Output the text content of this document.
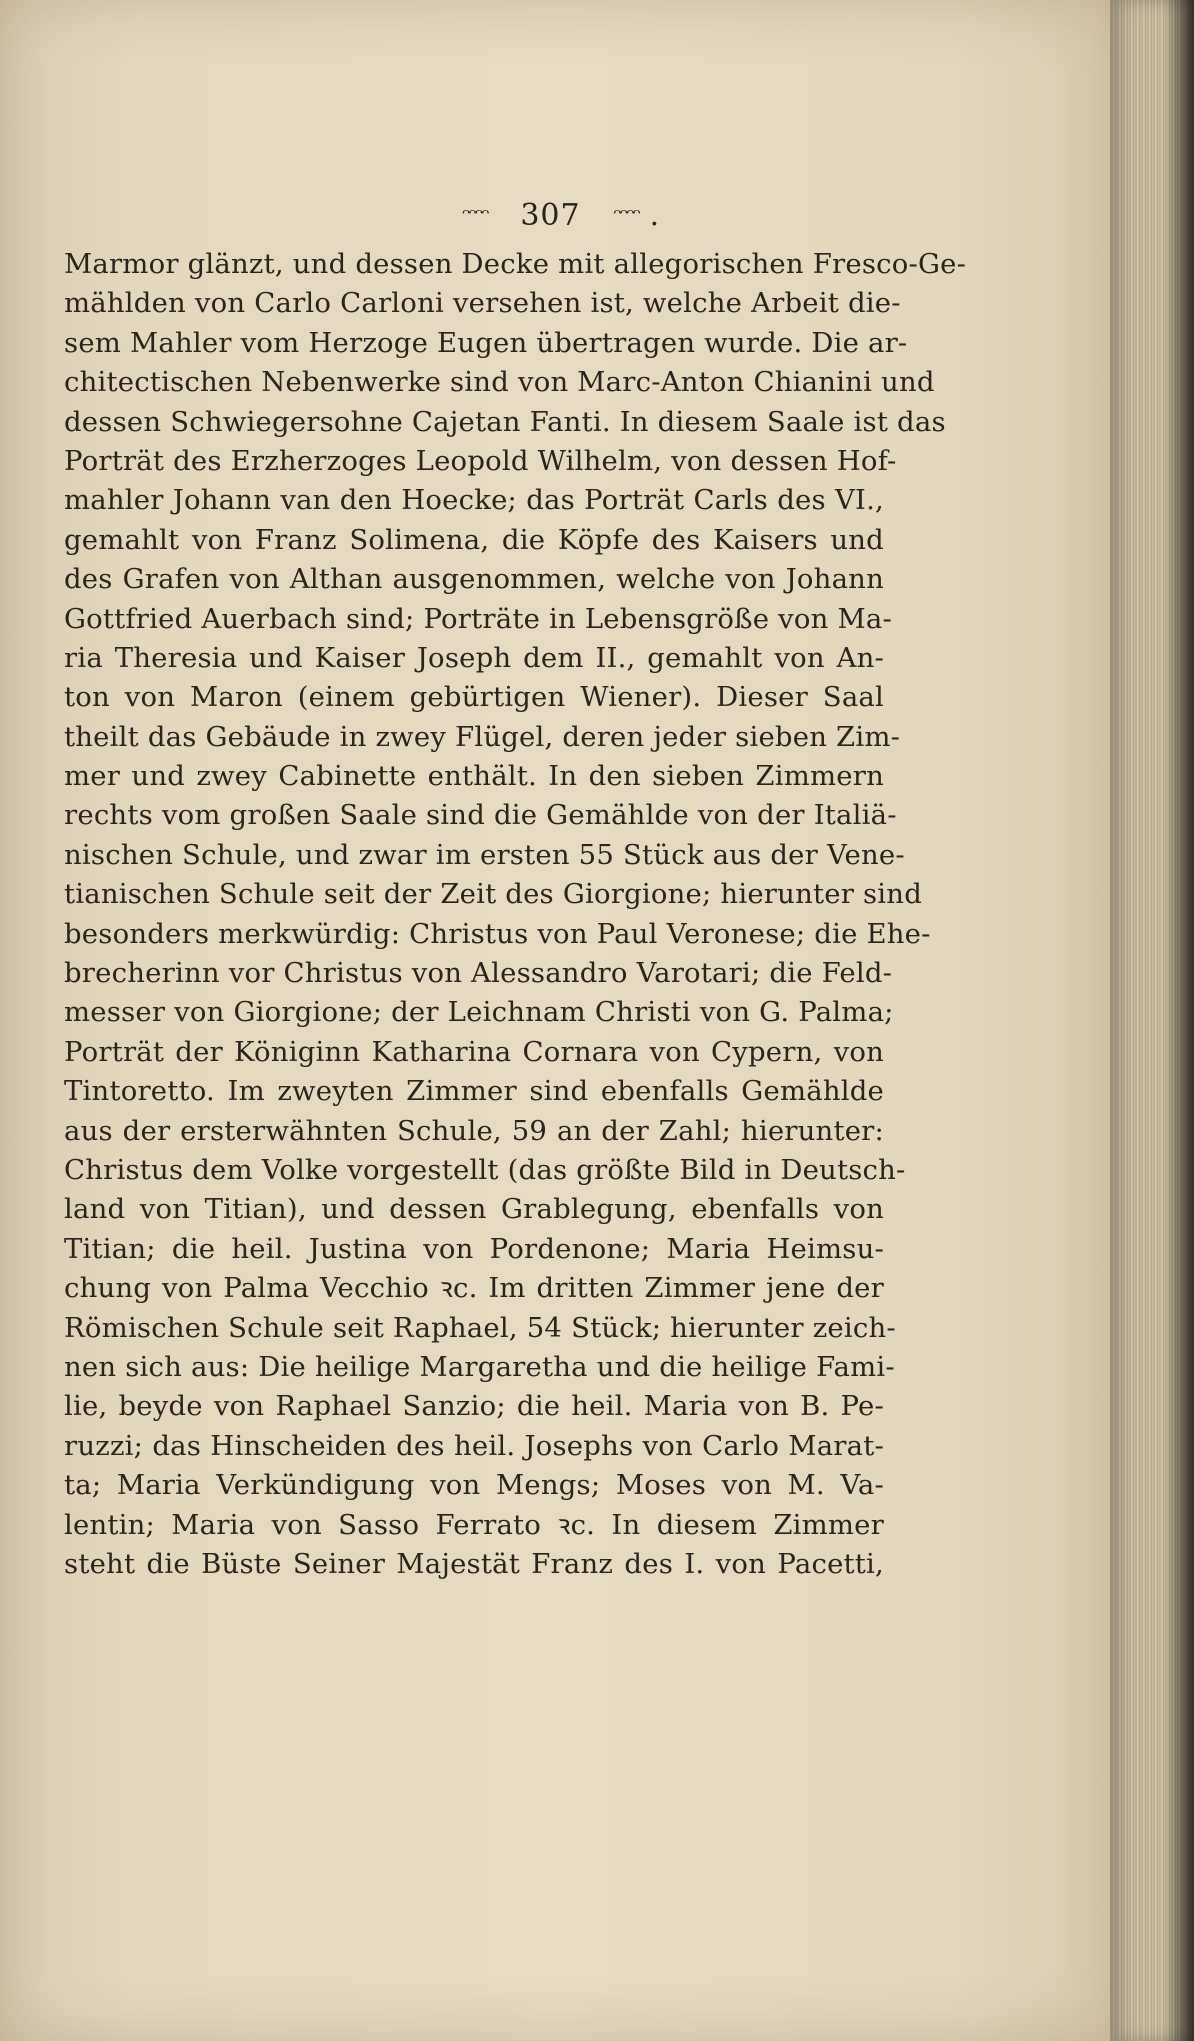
ᵔᵔᵔᵔ 307 ᵔᵔᵔᵔ .
Marmor glänzt, und dessen Decke mit allegorischen Fresco-Ge-
mählden von Carlo Carloni versehen ist, welche Arbeit die-
sem Mahler vom Herzoge Eugen übertragen wurde. Die ar-
chitectischen Nebenwerke sind von Marc-Anton Chianini und
dessen Schwiegersohne Cajetan Fanti. In diesem Saale ist das
Porträt des Erzherzoges Leopold Wilhelm, von dessen Hof-
mahler Johann van den Hoecke; das Porträt Carls des VI.,
gemahlt von Franz Solimena, die Köpfe des Kaisers und
des Grafen von Althan ausgenommen, welche von Johann
Gottfried Auerbach sind; Porträte in Lebensgröße von Ma-
ria Theresia und Kaiser Joseph dem II., gemahlt von An-
ton von Maron (einem gebürtigen Wiener). Dieser Saal
theilt das Gebäude in zwey Flügel, deren jeder sieben Zim-
mer und zwey Cabinette enthält. In den sieben Zimmern
rechts vom großen Saale sind die Gemählde von der Italiä-
nischen Schule, und zwar im ersten 55 Stück aus der Vene-
tianischen Schule seit der Zeit des Giorgione; hierunter sind
besonders merkwürdig: Christus von Paul Veronese; die Ehe-
brecherinn vor Christus von Alessandro Varotari; die Feld-
messer von Giorgione; der Leichnam Christi von G. Palma;
Porträt der Königinn Katharina Cornara von Cypern, von
Tintoretto. Im zweyten Zimmer sind ebenfalls Gemählde
aus der ersterwähnten Schule, 59 an der Zahl; hierunter:
Christus dem Volke vorgestellt (das größte Bild in Deutsch-
land von Titian), und dessen Grablegung, ebenfalls von
Titian; die heil. Justina von Pordenone; Maria Heimsu-
chung von Palma Vecchio ꝛc. Im dritten Zimmer jene der
Römischen Schule seit Raphael, 54 Stück; hierunter zeich-
nen sich aus: Die heilige Margaretha und die heilige Fami-
lie, beyde von Raphael Sanzio; die heil. Maria von B. Pe-
ruzzi; das Hinscheiden des heil. Josephs von Carlo Marat-
ta; Maria Verkündigung von Mengs; Moses von M. Va-
lentin; Maria von Sasso Ferrato ꝛc. In diesem Zimmer
steht die Büste Seiner Majestät Franz des I. von Pacetti,
